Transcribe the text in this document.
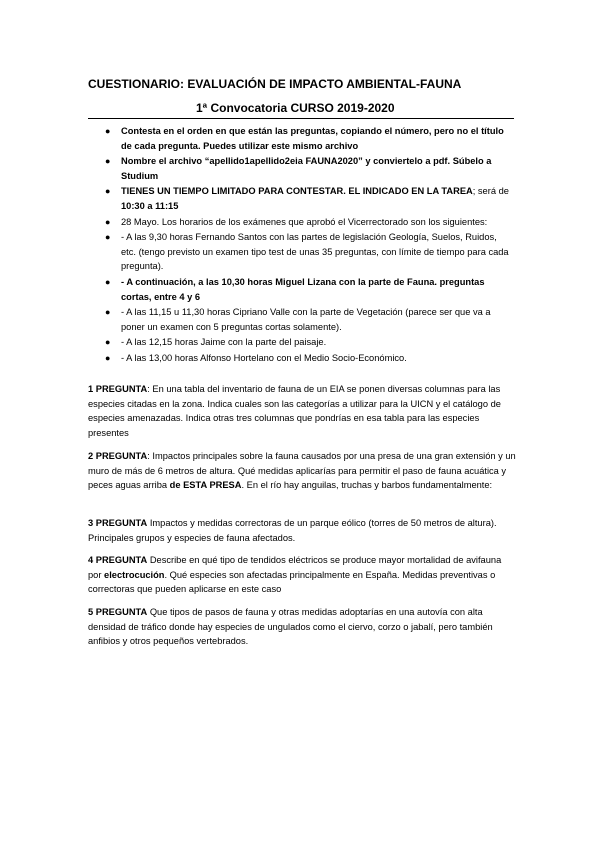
CUESTIONARIO: EVALUACIÓN DE IMPACTO AMBIENTAL-FAUNA
1ª Convocatoria CURSO 2019-2020
● Contesta en el orden en que están las preguntas, copiando el número, pero no el título de cada pregunta. Puedes utilizar este mismo archivo
● Nombre el archivo “apellido1apellido2eia FAUNA2020” y conviertelo a pdf. Súbelo a Studium
● TIENES UN TIEMPO LIMITADO PARA CONTESTAR. EL INDICADO EN LA TAREA; será de 10:30 a 11:15
● 28 Mayo. Los horarios de los exámenes que aprobó el Vicerrectorado son los siguientes:
● - A las 9,30 horas Fernando Santos con las partes de legislación Geología, Suelos, Ruidos, etc. (tengo previsto un examen tipo test de unas 35 preguntas, con límite de tiempo para cada pregunta).
● - A continuación, a las 10,30 horas Miguel Lizana con la parte de Fauna. preguntas cortas, entre 4 y 6
● - A las 11,15 u 11,30 horas Cipriano Valle con la parte de Vegetación (parece ser que va a poner un examen con 5 preguntas cortas solamente).
● - A las 12,15 horas Jaime con la parte del paisaje.
● - A las 13,00 horas Alfonso Hortelano con el Medio Socio-Económico.

1 PREGUNTA: En una tabla del inventario de fauna de un EIA se ponen diversas columnas para las especies citadas en la zona. Indica cuales son las categorías a utilizar para la UICN y el catálogo de especies amenazadas. Indica otras tres columnas que pondrías en esa tabla para las especies presentes

2 PREGUNTA: Impactos principales sobre la fauna causados por una presa de una gran extensión y un muro de más de 6 metros de altura. Qué medidas aplicarías para permitir el paso de fauna acuática y peces aguas arriba de ESTA PRESA. En el río hay anguilas, truchas y barbos fundamentalmente:

3 PREGUNTA Impactos y medidas correctoras de un parque eólico (torres de 50 metros de altura). Principales grupos y especies de fauna afectados.

4 PREGUNTA Describe en qué tipo de tendidos eléctricos se produce mayor mortalidad de avifauna por electrocución. Qué especies son afectadas principalmente en España. Medidas preventivas o correctoras que pueden aplicarse en este caso

5 PREGUNTA Que tipos de pasos de fauna y otras medidas adoptarías en una autovía con alta densidad de tráfico donde hay especies de ungulados como el ciervo, corzo o jabalí, pero también anfibios y otros pequeños vertebrados.
